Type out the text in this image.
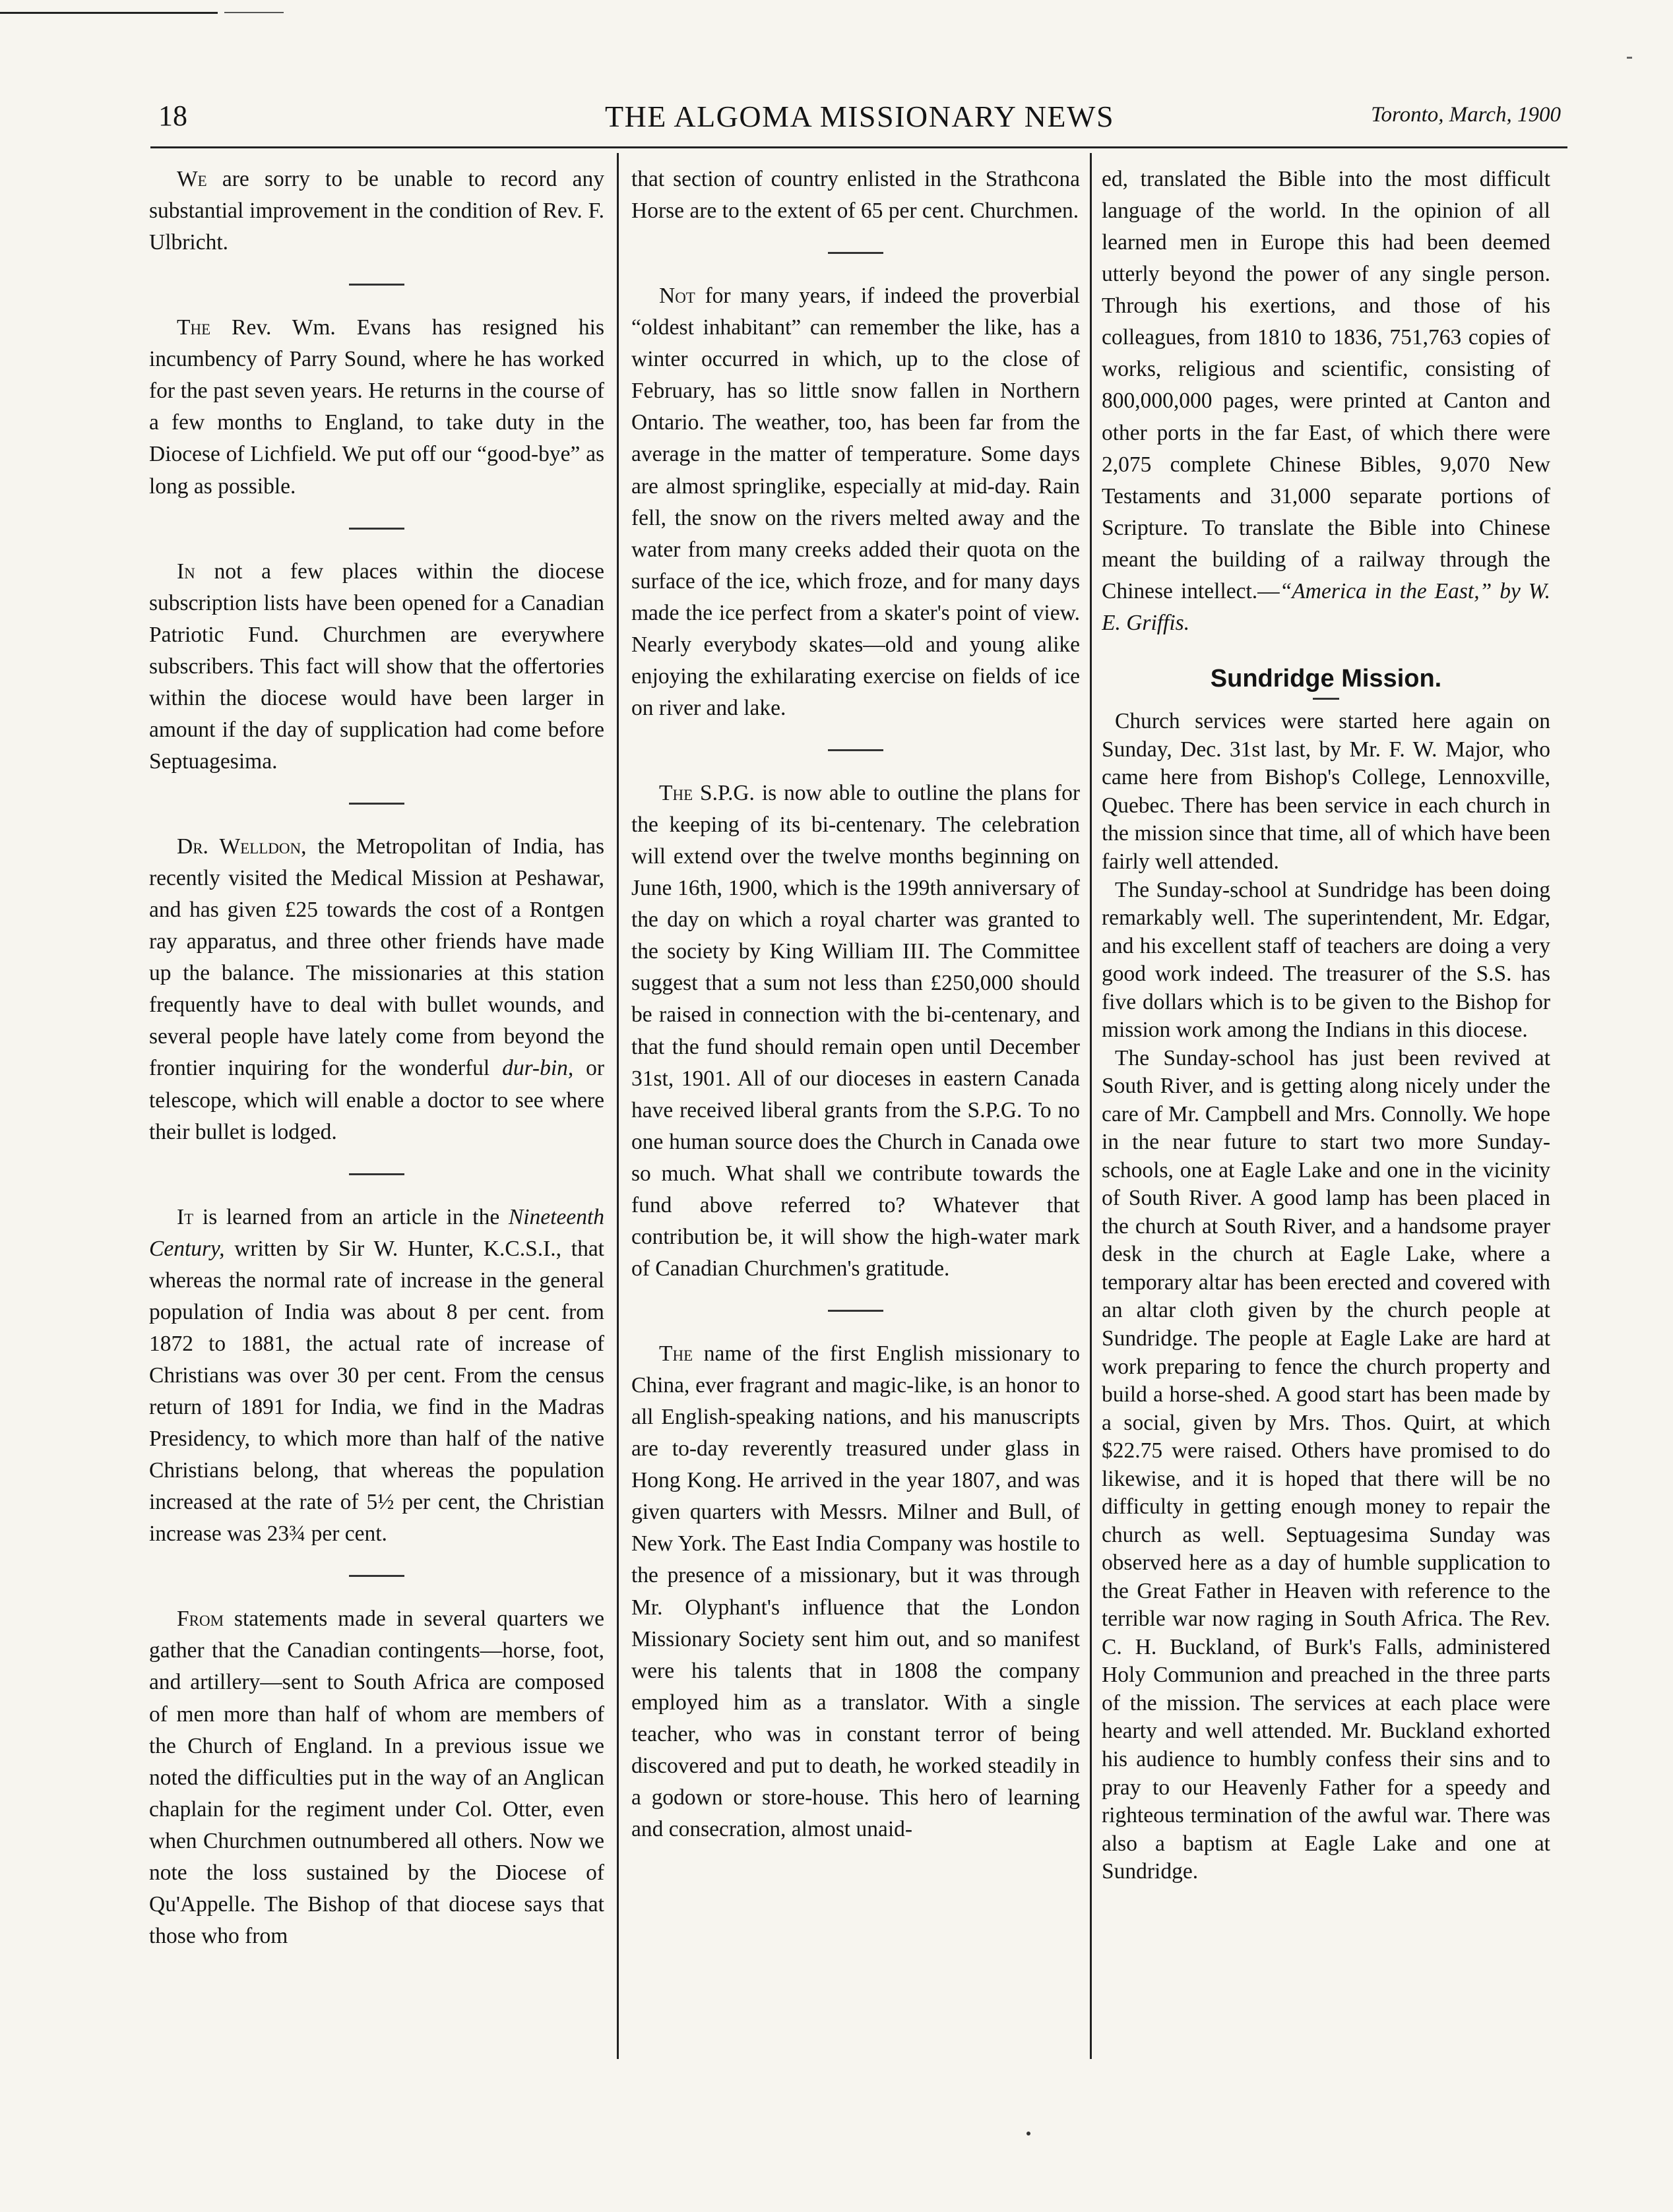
18	THE ALGOMA MISSIONARY NEWS	Toronto, March, 1900

We are sorry to be unable to record any substantial improvement in the condition of Rev. F. Ulbricht.

The Rev. Wm. Evans has resigned his incumbency of Parry Sound, where he has worked for the past seven years. He returns in the course of a few months to England, to take duty in the Diocese of Lichfield. We put off our “good-bye” as long as possible.

In not a few places within the diocese subscription lists have been opened for a Canadian Patriotic Fund. Churchmen are everywhere subscribers. This fact will show that the offertories within the diocese would have been larger in amount if the day of supplication had come before Septuagesima.

Dr. Welldon, the Metropolitan of India, has recently visited the Medical Mission at Peshawar, and has given £25 towards the cost of a Rontgen ray apparatus, and three other friends have made up the balance. The missionaries at this station frequently have to deal with bullet wounds, and several people have lately come from beyond the frontier inquiring for the wonderful dur-bin, or telescope, which will enable a doctor to see where their bullet is lodged.

It is learned from an article in the Nineteenth Century, written by Sir W. Hunter, K.C.S.I., that whereas the normal rate of increase in the general population of India was about 8 per cent. from 1872 to 1881, the actual rate of increase of Christians was over 30 per cent. From the census return of 1891 for India, we find in the Madras Presidency, to which more than half of the native Christians belong, that whereas the population increased at the rate of 5½ per cent, the Christian increase was 23¾ per cent.

From statements made in several quarters we gather that the Canadian contingents—horse, foot, and artillery—sent to South Africa are composed of men more than half of whom are members of the Church of England. In a previous issue we noted the difficulties put in the way of an Anglican chaplain for the regiment under Col. Otter, even when Churchmen outnumbered all others. Now we note the loss sustained by the Diocese of Qu'Appelle. The Bishop of that diocese says that those who from

that section of country enlisted in the Strathcona Horse are to the extent of 65 per cent. Churchmen.

Not for many years, if indeed the proverbial “oldest inhabitant” can remember the like, has a winter occurred in which, up to the close of February, has so little snow fallen in Northern Ontario. The weather, too, has been far from the average in the matter of temperature. Some days are almost springlike, especially at mid-day. Rain fell, the snow on the rivers melted away and the water from many creeks added their quota on the surface of the ice, which froze, and for many days made the ice perfect from a skater's point of view. Nearly everybody skates—old and young alike enjoying the exhilarating exercise on fields of ice on river and lake.

The S.P.G. is now able to outline the plans for the keeping of its bi-centenary. The celebration will extend over the twelve months beginning on June 16th, 1900, which is the 199th anniversary of the day on which a royal charter was granted to the society by King William III. The Committee suggest that a sum not less than £250,000 should be raised in connection with the bi-centenary, and that the fund should remain open until December 31st, 1901. All of our dioceses in eastern Canada have received liberal grants from the S.P.G. To no one human source does the Church in Canada owe so much. What shall we contribute towards the fund above referred to? Whatever that contribution be, it will show the high-water mark of Canadian Churchmen's gratitude.

The name of the first English missionary to China, ever fragrant and magic-like, is an honor to all English-speaking nations, and his manuscripts are to-day reverently treasured under glass in Hong Kong. He arrived in the year 1807, and was given quarters with Messrs. Milner and Bull, of New York. The East India Company was hostile to the presence of a missionary, but it was through Mr. Olyphant's influence that the London Missionary Society sent him out, and so manifest were his talents that in 1808 the company employed him as a translator. With a single teacher, who was in constant terror of being discovered and put to death, he worked steadily in a godown or store-house. This hero of learning and consecration, almost unaid-

ed, translated the Bible into the most difficult language of the world. In the opinion of all learned men in Europe this had been deemed utterly beyond the power of any single person. Through his exertions, and those of his colleagues, from 1810 to 1836, 751,763 copies of works, religious and scientific, consisting of 800,000,000 pages, were printed at Canton and other ports in the far East, of which there were 2,075 complete Chinese Bibles, 9,070 New Testaments and 31,000 separate portions of Scripture. To translate the Bible into Chinese meant the building of a railway through the Chinese intellect.—“America in the East,” by W. E. Griffis.

Sundridge Mission.

Church services were started here again on Sunday, Dec. 31st last, by Mr. F. W. Major, who came here from Bishop's College, Lennoxville, Quebec. There has been service in each church in the mission since that time, all of which have been fairly well attended.

The Sunday-school at Sundridge has been doing remarkably well. The superintendent, Mr. Edgar, and his excellent staff of teachers are doing a very good work indeed. The treasurer of the S.S. has five dollars which is to be given to the Bishop for mission work among the Indians in this diocese.

The Sunday-school has just been revived at South River, and is getting along nicely under the care of Mr. Campbell and Mrs. Connolly. We hope in the near future to start two more Sunday-schools, one at Eagle Lake and one in the vicinity of South River. A good lamp has been placed in the church at South River, and a handsome prayer desk in the church at Eagle Lake, where a temporary altar has been erected and covered with an altar cloth given by the church people at Sundridge. The people at Eagle Lake are hard at work preparing to fence the church property and build a horse-shed. A good start has been made by a social, given by Mrs. Thos. Quirt, at which $22.75 were raised. Others have promised to do likewise, and it is hoped that there will be no difficulty in getting enough money to repair the church as well. Septuagesima Sunday was observed here as a day of humble supplication to the Great Father in Heaven with reference to the terrible war now raging in South Africa. The Rev. C. H. Buckland, of Burk's Falls, administered Holy Communion and preached in the three parts of the mission. The services at each place were hearty and well attended. Mr. Buckland exhorted his audience to humbly confess their sins and to pray to our Heavenly Father for a speedy and righteous termination of the awful war. There was also a baptism at Eagle Lake and one at Sundridge.
